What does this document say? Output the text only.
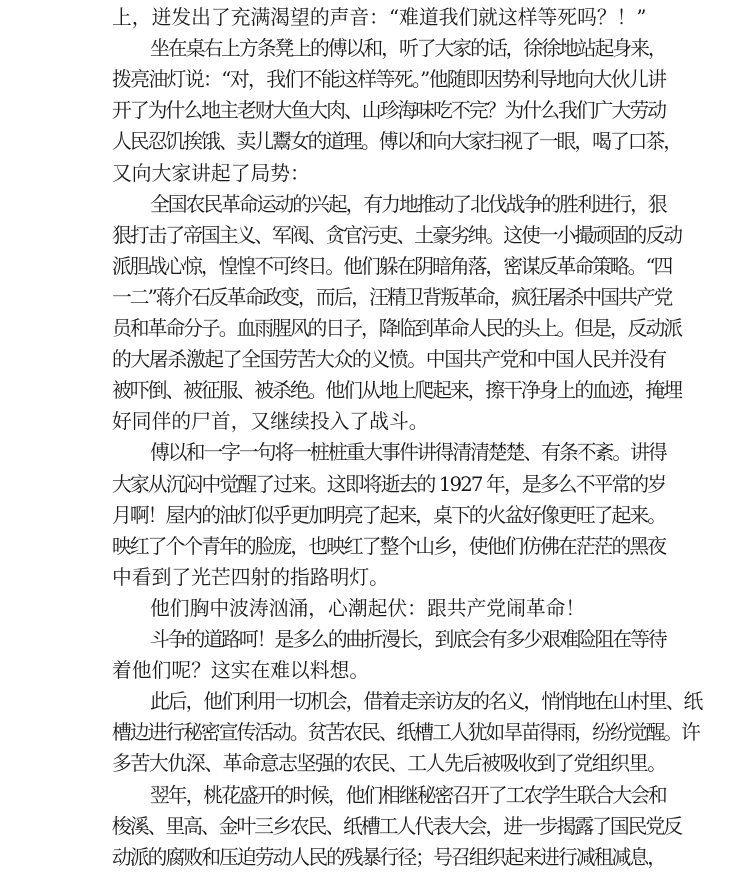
上，迸发出了充满渴望的声音：“难道我们就这样等死吗？！”
坐在桌右上方条凳上的傅以和，听了大家的话，徐徐地站起身来，
拨亮油灯说：“对，我们不能这样等死。”他随即因势利导地向大伙儿讲
开了为什么地主老财大鱼大肉、山珍海味吃不完？为什么我们广大劳动
人民忍饥挨饿、卖儿鬻女的道理。傅以和向大家扫视了一眼，喝了口茶，
又向大家讲起了局势：
全国农民革命运动的兴起，有力地推动了北伐战争的胜利进行，狠
狠打击了帝国主义、军阀、贪官污吏、土豪劣绅。这使一小撮顽固的反动
派胆战心惊，惶惶不可终日。他们躲在阴暗角落，密谋反革命策略。“四
一二”蒋介石反革命政变，而后，汪精卫背叛革命，疯狂屠杀中国共产党
员和革命分子。血雨腥风的日子，降临到革命人民的头上。但是，反动派
的大屠杀激起了全国劳苦大众的义愤。中国共产党和中国人民并没有
被吓倒、被征服、被杀绝。他们从地上爬起来，擦干净身上的血迹，掩埋
好同伴的尸首，又继续投入了战斗。
傅以和一字一句将一桩桩重大事件讲得清清楚楚、有条不紊。讲得
大家从沉闷中觉醒了过来。这即将逝去的 1927 年，是多么不平常的岁
月啊！屋内的油灯似乎更加明亮了起来，桌下的火盆好像更旺了起来。
映红了个个青年的脸庞，也映红了整个山乡，使他们仿佛在茫茫的黑夜
中看到了光芒四射的指路明灯。
他们胸中波涛汹涌，心潮起伏：跟共产党闹革命！
斗争的道路呵！是多么的曲折漫长，到底会有多少艰难险阻在等待
着他们呢？这实在难以料想。
此后，他们利用一切机会，借着走亲访友的名义，悄悄地在山村里、纸
槽边进行秘密宣传活动。贫苦农民、纸槽工人犹如旱苗得雨，纷纷觉醒。许
多苦大仇深、革命意志坚强的农民、工人先后被吸收到了党组织里。
翌年，桃花盛开的时候，他们相继秘密召开了工农学生联合大会和
梭溪、里高、金叶三乡农民、纸槽工人代表大会，进一步揭露了国民党反
动派的腐败和压迫劳动人民的残暴行径；号召组织起来进行减租减息，
